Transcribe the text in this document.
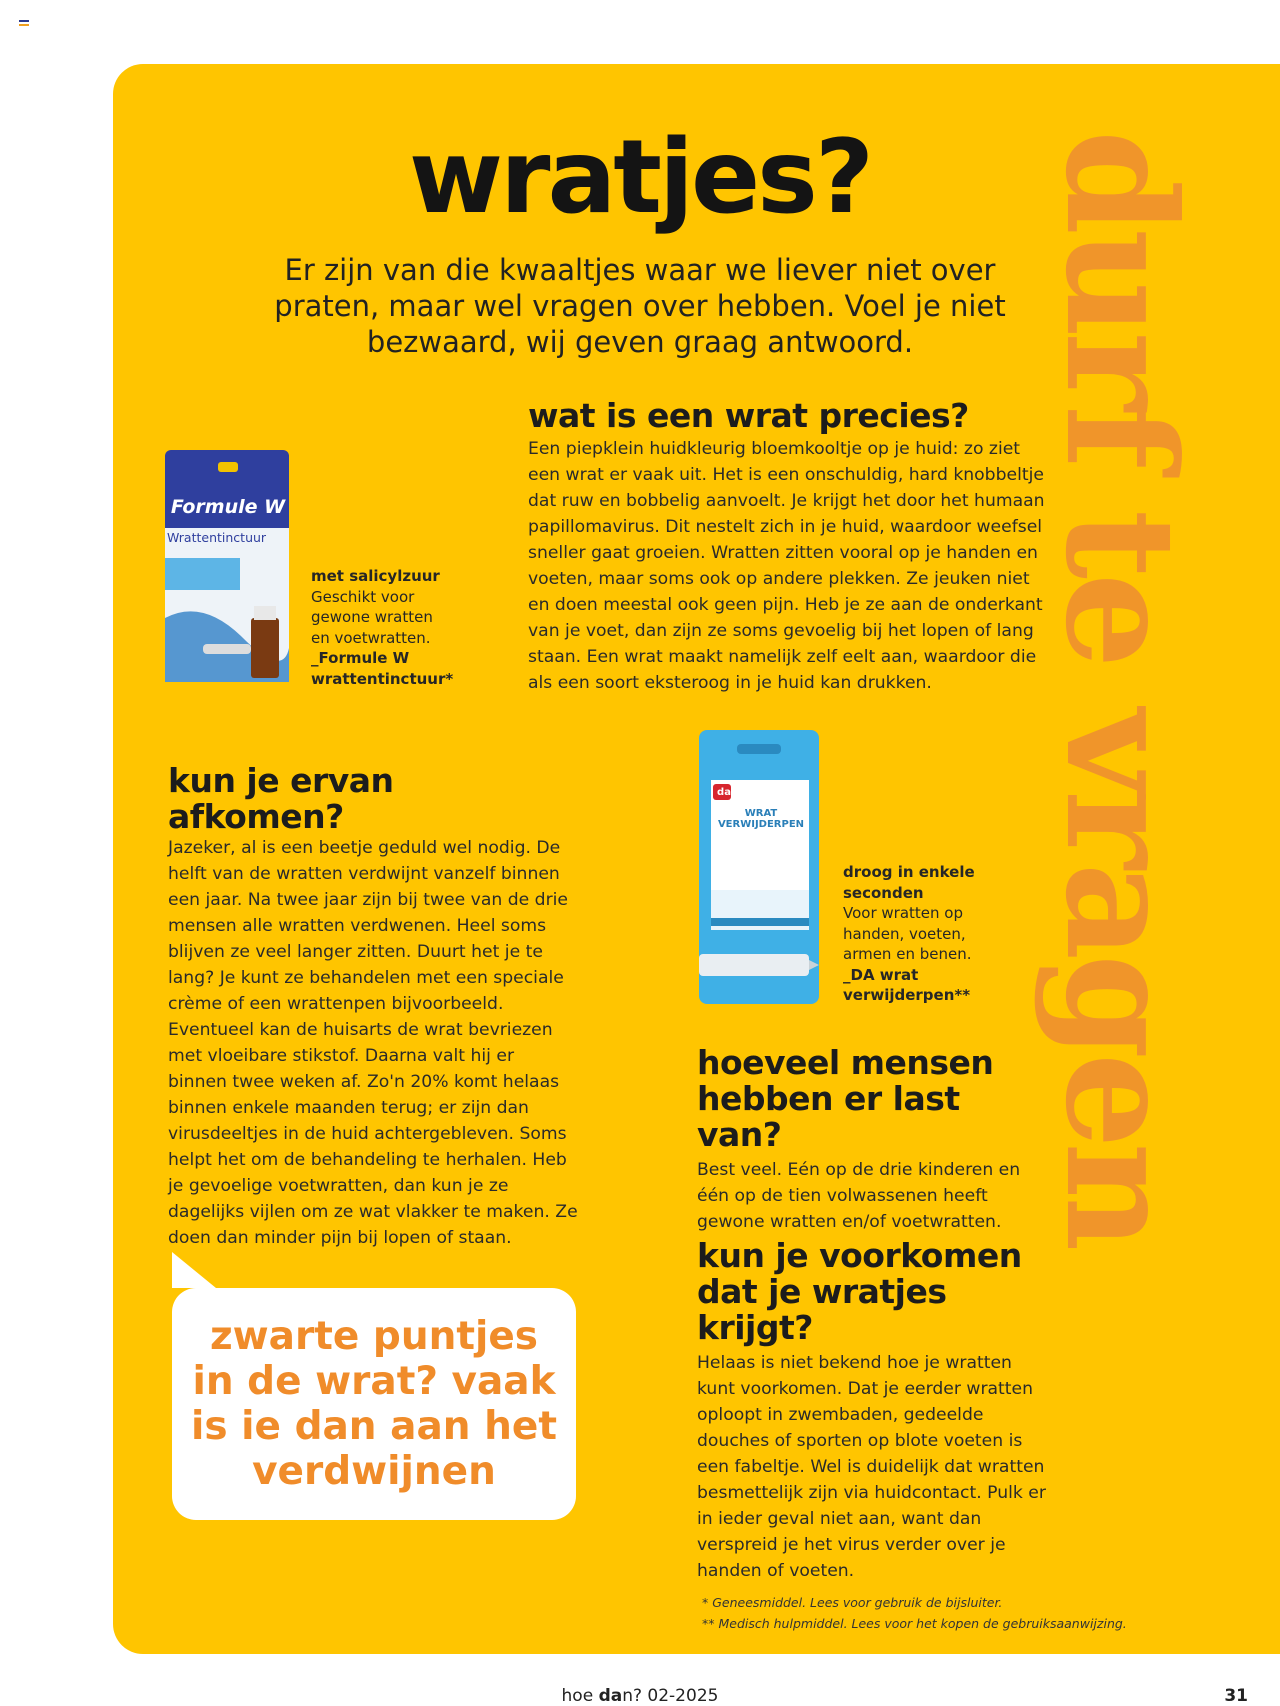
durf te vragen
wratjes?

Er zijn van die kwaaltjes waar we liever niet over praten, maar wel vragen over hebben. Voel je niet bezwaard, wij geven graag antwoord.

wat is een wrat precies?

Een piepklein huidkleurig bloemkooltje op je huid: zo ziet een wrat er vaak uit. Het is een onschuldig, hard knobbeltje dat ruw en bobbelig aanvoelt. Je krijgt het door het humaan papillomavirus. Dit nestelt zich in je huid, waardoor weefsel sneller gaat groeien. Wratten zitten vooral op je handen en voeten, maar soms ook op andere plekken. Ze jeuken niet en doen meestal ook geen pijn. Heb je ze aan de onderkant van je voet, dan zijn ze soms gevoelig bij het lopen of lang staan. Een wrat maakt namelijk zelf eelt aan, waardoor die als een soort eksteroog in je huid kan drukken.

Formule W
Wrattentinctuur
met salicylzuur
Geschikt voor gewone wratten en voetwratten.
_Formule W wrattentinctuur*
kun je ervan afkomen?

Jazeker, al is een beetje geduld wel nodig. De helft van de wratten verdwijnt vanzelf binnen een jaar. Na twee jaar zijn bij twee van de drie mensen alle wratten verdwenen. Heel soms blijven ze veel langer zitten. Duurt het je te lang? Je kunt ze behandelen met een speciale crème of een wrattenpen bijvoorbeeld. Eventueel kan de huisarts de wrat bevriezen met vloeibare stikstof. Daarna valt hij er binnen twee weken af. Zo'n 20% komt helaas binnen enkele maanden terug; er zijn dan virusdeeltjes in de huid achtergebleven. Soms helpt het om de behandeling te herhalen. Heb je gevoelige voetwratten, dan kun je ze dagelijks vijlen om ze wat vlakker te maken. Ze doen dan minder pijn bij lopen of staan.

da
WRAT VERWIJDERPEN
droog in enkele seconden
Voor wratten op handen, voeten, armen en benen.
_DA wrat verwijderpen**
hoeveel mensen hebben er last van?

Best veel. Eén op de drie kinderen en één op de tien volwassenen heeft gewone wratten en/of voetwratten.

kun je voorkomen dat je wratjes krijgt?

Helaas is niet bekend hoe je wratten kunt voorkomen. Dat je eerder wratten oploopt in zwembaden, gedeelde douches of sporten op blote voeten is een fabeltje. Wel is duidelijk dat wratten besmettelijk zijn via huidcontact. Pulk er in ieder geval niet aan, want dan verspreid je het virus verder over je handen of voeten.

zwarte puntjes in de wrat? vaak is ie dan aan het verdwijnen
* Geneesmiddel. Lees voor gebruik de bijsluiter.
** Medisch hulpmiddel. Lees voor het kopen de gebruiksaanwijzing.
hoe dan? 02-2025	31
